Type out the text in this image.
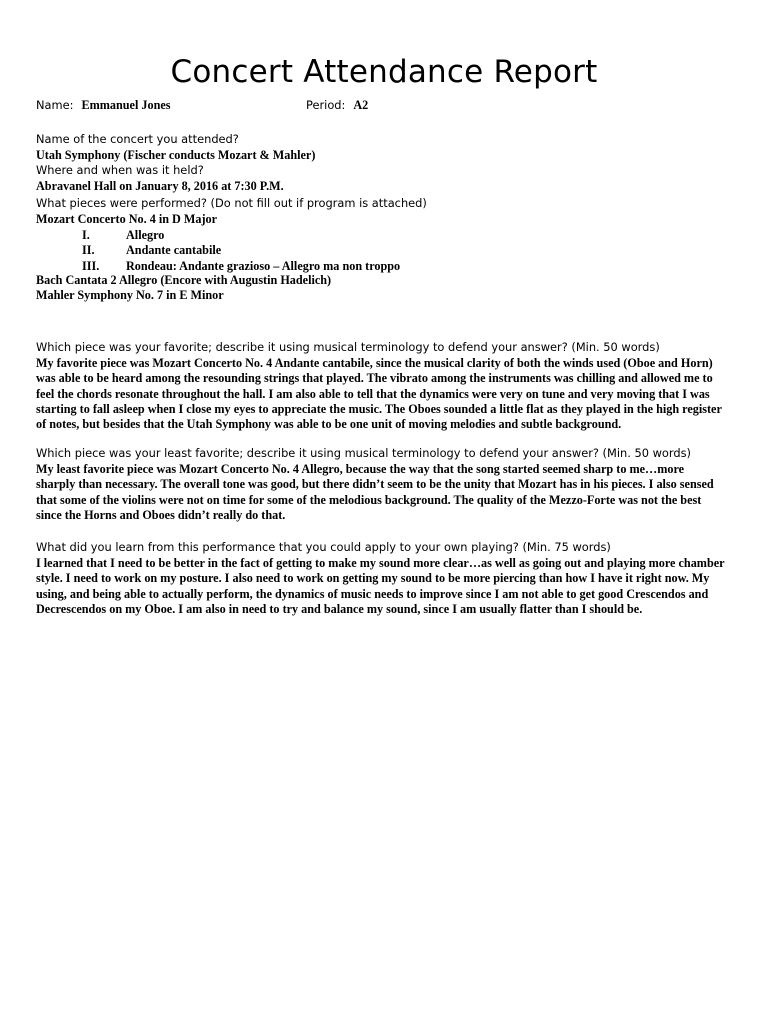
Concert Attendance Report
Name: Emmanuel Jones	Period: A2
Name of the concert you attended?
Utah Symphony (Fischer conducts Mozart & Mahler)
Where and when was it held?
Abravanel Hall on January 8, 2016 at 7:30 P.M.
What pieces were performed? (Do not fill out if program is attached)
Mozart Concerto No. 4 in D Major
I.	Allegro
II.	Andante cantabile
III. Rondeau: Andante grazioso – Allegro ma non troppo
Bach Cantata 2 Allegro (Encore with Augustin Hadelich)
Mahler Symphony No. 7 in E Minor
Which piece was your favorite; describe it using musical terminology to defend your answer? (Min. 50 words)
My favorite piece was Mozart Concerto No. 4 Andante cantabile, since the musical clarity of both the winds used (Oboe and Horn)
was able to be heard among the resounding strings that played. The vibrato among the instruments was chilling and allowed me to
feel the chords resonate throughout the hall. I am also able to tell that the dynamics were very on tune and very moving that I was
starting to fall asleep when I close my eyes to appreciate the music. The Oboes sounded a little flat as they played in the high register
of notes, but besides that the Utah Symphony was able to be one unit of moving melodies and subtle background.
Which piece was your least favorite; describe it using musical terminology to defend your answer? (Min. 50 words)
My least favorite piece was Mozart Concerto No. 4 Allegro, because the way that the song started seemed sharp to me…more
sharply than necessary. The overall tone was good, but there didn’t seem to be the unity that Mozart has in his pieces. I also sensed
that some of the violins were not on time for some of the melodious background. The quality of the Mezzo-Forte was not the best
since the Horns and Oboes didn’t really do that.
What did you learn from this performance that you could apply to your own playing? (Min. 75 words)
I learned that I need to be better in the fact of getting to make my sound more clear…as well as going out and playing more chamber
style. I need to work on my posture. I also need to work on getting my sound to be more piercing than how I have it right now. My
using, and being able to actually perform, the dynamics of music needs to improve since I am not able to get good Crescendos and
Decrescendos on my Oboe. I am also in need to try and balance my sound, since I am usually flatter than I should be.
